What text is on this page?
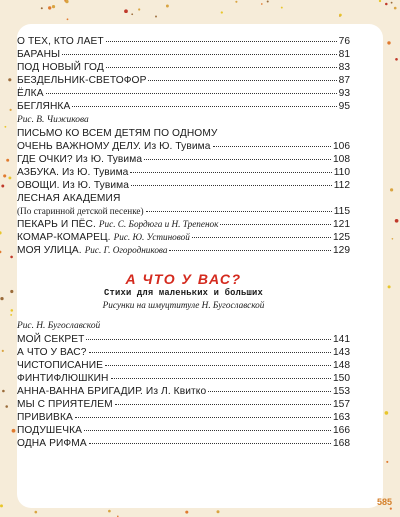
О ТЕХ, КТО ЛАЕТ	76
БАРАНЫ	81
ПОД НОВЫЙ ГОД	83
БЕЗДЕЛЬНИК-СВЕТОФОР	87
ЁЛКА	93
БЕГЛЯНКА	95
Рис. В. Чижикова
ПИСЬМО КО ВСЕМ ДЕТЯМ ПО ОДНОМУ
ОЧЕНЬ ВАЖНОМУ ДЕЛУ. Из Ю. Тувима	106
ГДЕ ОЧКИ? Из Ю. Тувима	108
АЗБУКА. Из Ю. Тувима	110
ОВОЩИ. Из Ю. Тувима	112
ЛЕСНАЯ АКАДЕМИЯ
(По старинной детской песенке)	115
ПЕКАРЬ И ПЁС. Рис. С. Бордюга и Н. Трепенок	121
КОМАР-КОМАРЕЦ. Рис. Ю. Устиновой	125
МОЯ УЛИЦА. Рис. Г. Огородникова	129
А ЧТО У ВАС?
Стихи для маленьких и больших
Рисунки на шмуцтитуле Н. Бугославской
Рис. Н. Бугославской
МОЙ СЕКРЕТ	141
А ЧТО У ВАС?	143
ЧИСТОПИСАНИЕ	148
ФИНТИФЛЮШКИН	150
АННА-ВАННА БРИГАДИР. Из Л. Квитко	153
МЫ С ПРИЯТЕЛЕМ	157
ПРИВИВКА	163
ПОДУШЕЧКА	166
ОДНА РИФМА	168
585
